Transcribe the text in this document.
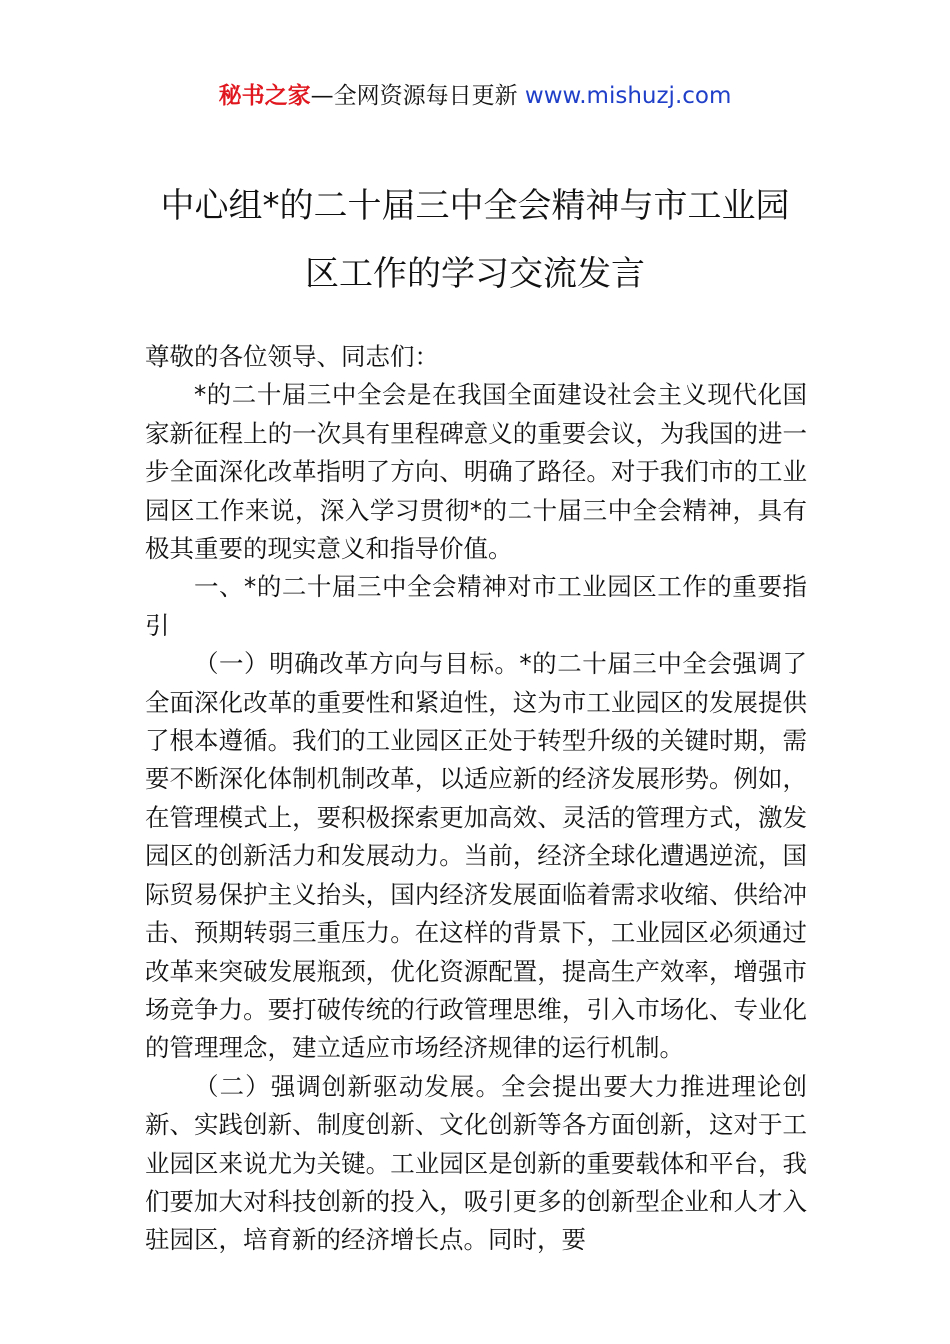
秘书之家—全网资源每日更新 www.mishuzj.com
中心组*的二十届三中全会精神与市工业园
区工作的学习交流发言

尊敬的各位领导、同志们：

*的二十届三中全会是在我国全面建设社会主义现代化国家新征程上的一次具有里程碑意义的重要会议，为我国的进一步全面深化改革指明了方向、明确了路径。对于我们市的工业园区工作来说，深入学习贯彻*的二十届三中全会精神，具有极其重要的现实意义和指导价值。

一、*的二十届三中全会精神对市工业园区工作的重要指引

（一）明确改革方向与目标。*的二十届三中全会强调了全面深化改革的重要性和紧迫性，这为市工业园区的发展提供了根本遵循。我们的工业园区正处于转型升级的关键时期，需要不断深化体制机制改革，以适应新的经济发展形势。例如，在管理模式上，要积极探索更加高效、灵活的管理方式，激发园区的创新活力和发展动力。当前，经济全球化遭遇逆流，国际贸易保护主义抬头，国内经济发展面临着需求收缩、供给冲击、预期转弱三重压力。在这样的背景下，工业园区必须通过改革来突破发展瓶颈，优化资源配置，提高生产效率，增强市场竞争力。要打破传统的行政管理思维，引入市场化、专业化的管理理念，建立适应市场经济规律的运行机制。

（二）强调创新驱动发展。全会提出要大力推进理论创新、实践创新、制度创新、文化创新等各方面创新，这对于工业园区来说尤为关键。工业园区是创新的重要载体和平台，我们要加大对科技创新的投入，吸引更多的创新型企业和人才入驻园区，培育新的经济增长点。同时，要
